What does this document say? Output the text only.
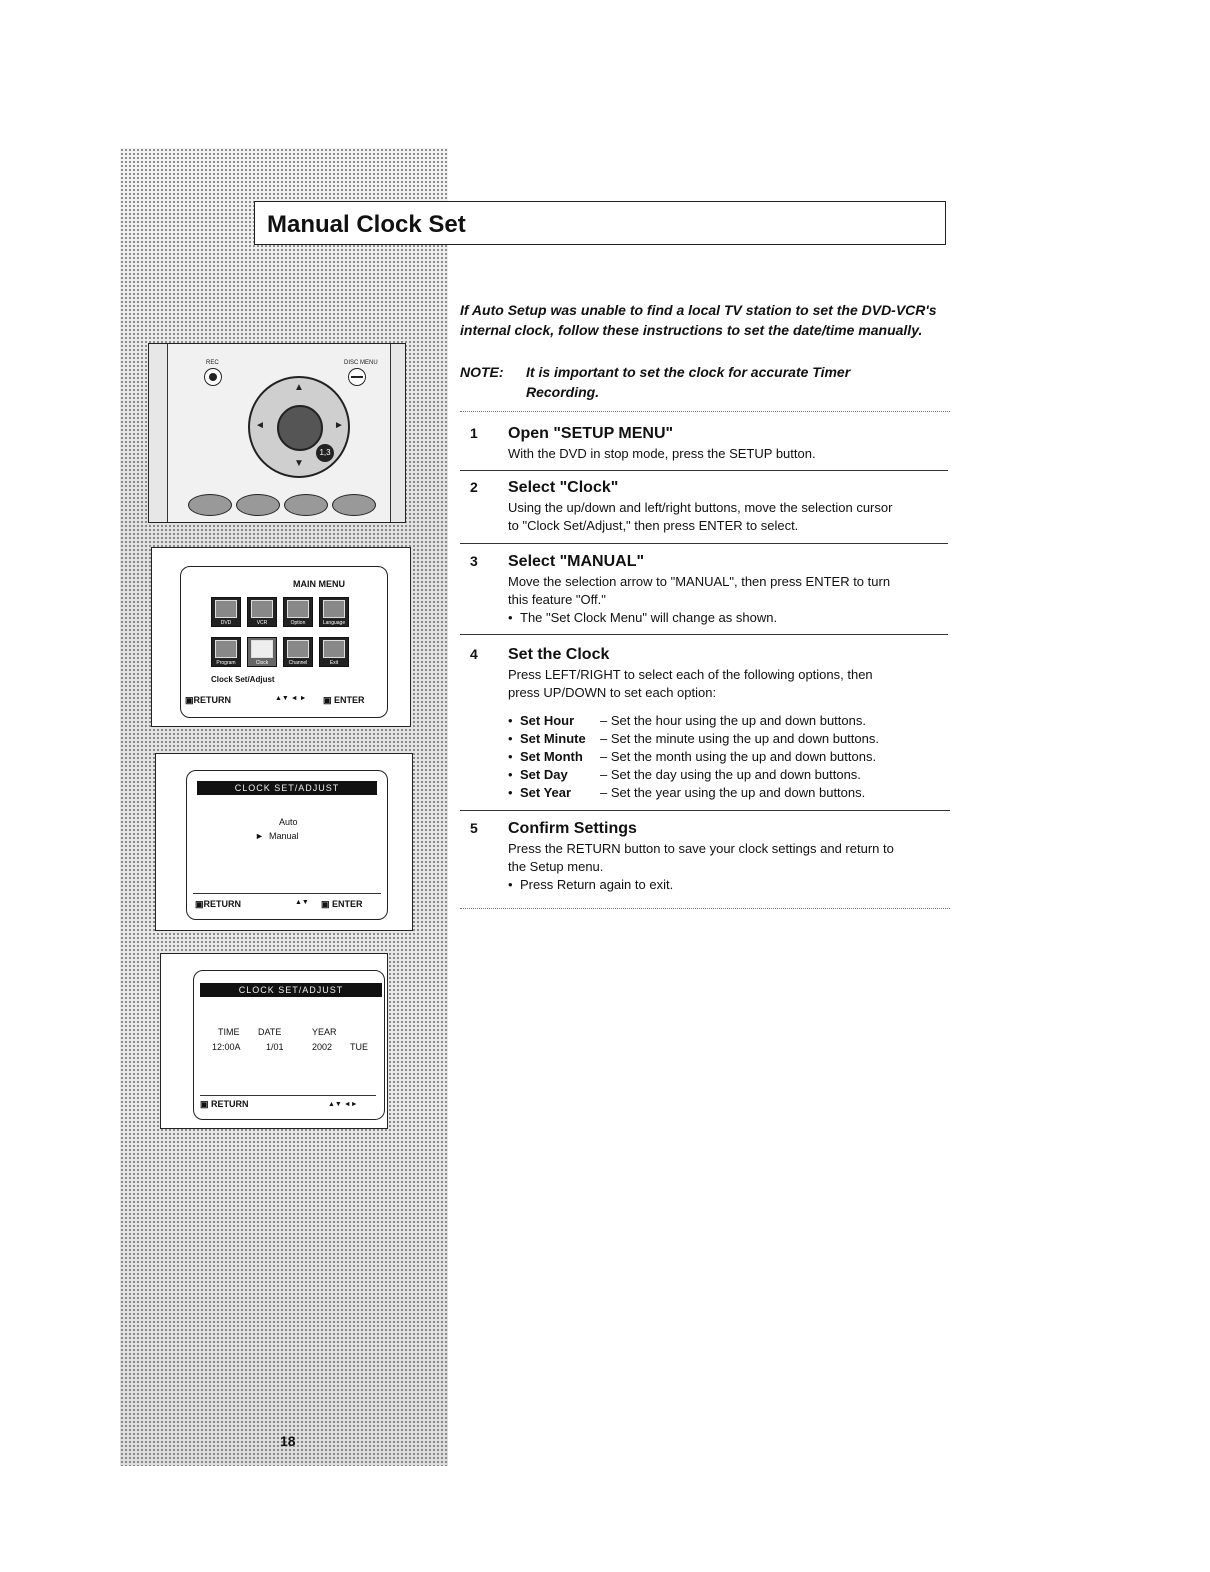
Manual Clock Set
REC	DISC MENU
▲
▼
◄	►
1,3
MAIN MENU
DVD	VCR	Option	Language
Program	Clock	Channel	Exit
Clock Set/Adjust
▣RETURN	▲▼ ◄ ► ▣ ENTER
CLOCK SET/ADJUST
Auto
► Manual
▣RETURN	▲▼ ▣ ENTER
CLOCK SET/ADJUST
TIME DATE	YEAR
12:00A	1/01	2002 TUE
▣ RETURN	▲▼ ◄►
If Auto Setup was unable to find a local TV station to set the DVD-VCR's internal clock, follow these instructions to set the date/time manually.
NOTE: It is important to set the clock for accurate Timer
Recording.
1 Open "SETUP MENU"
With the DVD in stop mode, press the SETUP button.
2 Select "Clock"
Using the up/down and left/right buttons, move the selection cursor
to "Clock Set/Adjust," then press ENTER to select.
3 Select "MANUAL"
Move the selection arrow to "MANUAL", then press ENTER to turn
this feature "Off."
• The "Set Clock Menu" will change as shown.
4 Set the Clock
Press LEFT/RIGHT to select each of the following options, then
press UP/DOWN to set each option:
• Set Hour – Set the hour using the up and down buttons.
• Set Minute – Set the minute using the up and down buttons.
• Set Month – Set the month using the up and down buttons.
• Set Day – Set the day using the up and down buttons.
• Set Year – Set the year using the up and down buttons.
5 Confirm Settings
Press the RETURN button to save your clock settings and return to
the Setup menu.
• Press Return again to exit.
18
